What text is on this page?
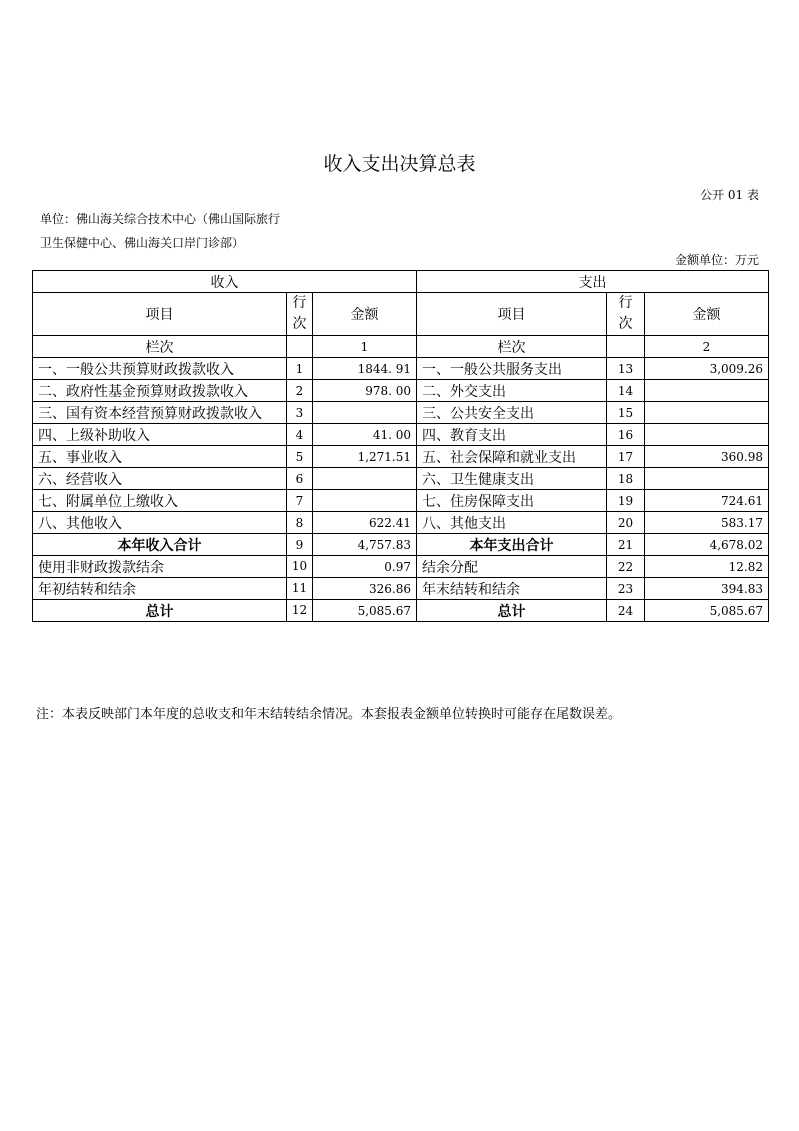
收入支出决算总表
公开 01 表
单位：佛山海关综合技术中心（佛山国际旅行卫生保健中心、佛山海关口岸门诊部）
金额单位：万元
收入			支出		
项目	行次	金额	项目	行次	金额
栏次		1	栏次		2
一、一般公共预算财政拨款收入	1	1844. 91	一、一般公共服务支出	13	3,009.26
二、政府性基金预算财政拨款收入	2	978. 00	二、外交支出	14	
三、国有资本经营预算财政拨款收入	3		三、公共安全支出	15	
四、上级补助收入	4	41. 00	四、教育支出	16	
五、事业收入	5	1,271.51	五、社会保障和就业支出	17	360.98
六、经营收入	6		六、卫生健康支出	18	
七、附属单位上缴收入	7		七、住房保障支出	19	724.61
八、其他收入	8	622.41	八、其他支出	20	583.17
本年收入合计	9	4,757.83	本年支出合计	21	4,678.02
使用非财政拨款结余	10	0.97	结余分配	22	12.82
年初结转和结余	11	326.86	年末结转和结余	23	394.83
总计	12	5,085.67	总计	24	5,085.67
注：本表反映部门本年度的总收支和年末结转结余情况。本套报表金额单位转换时可能存在尾数误差。
